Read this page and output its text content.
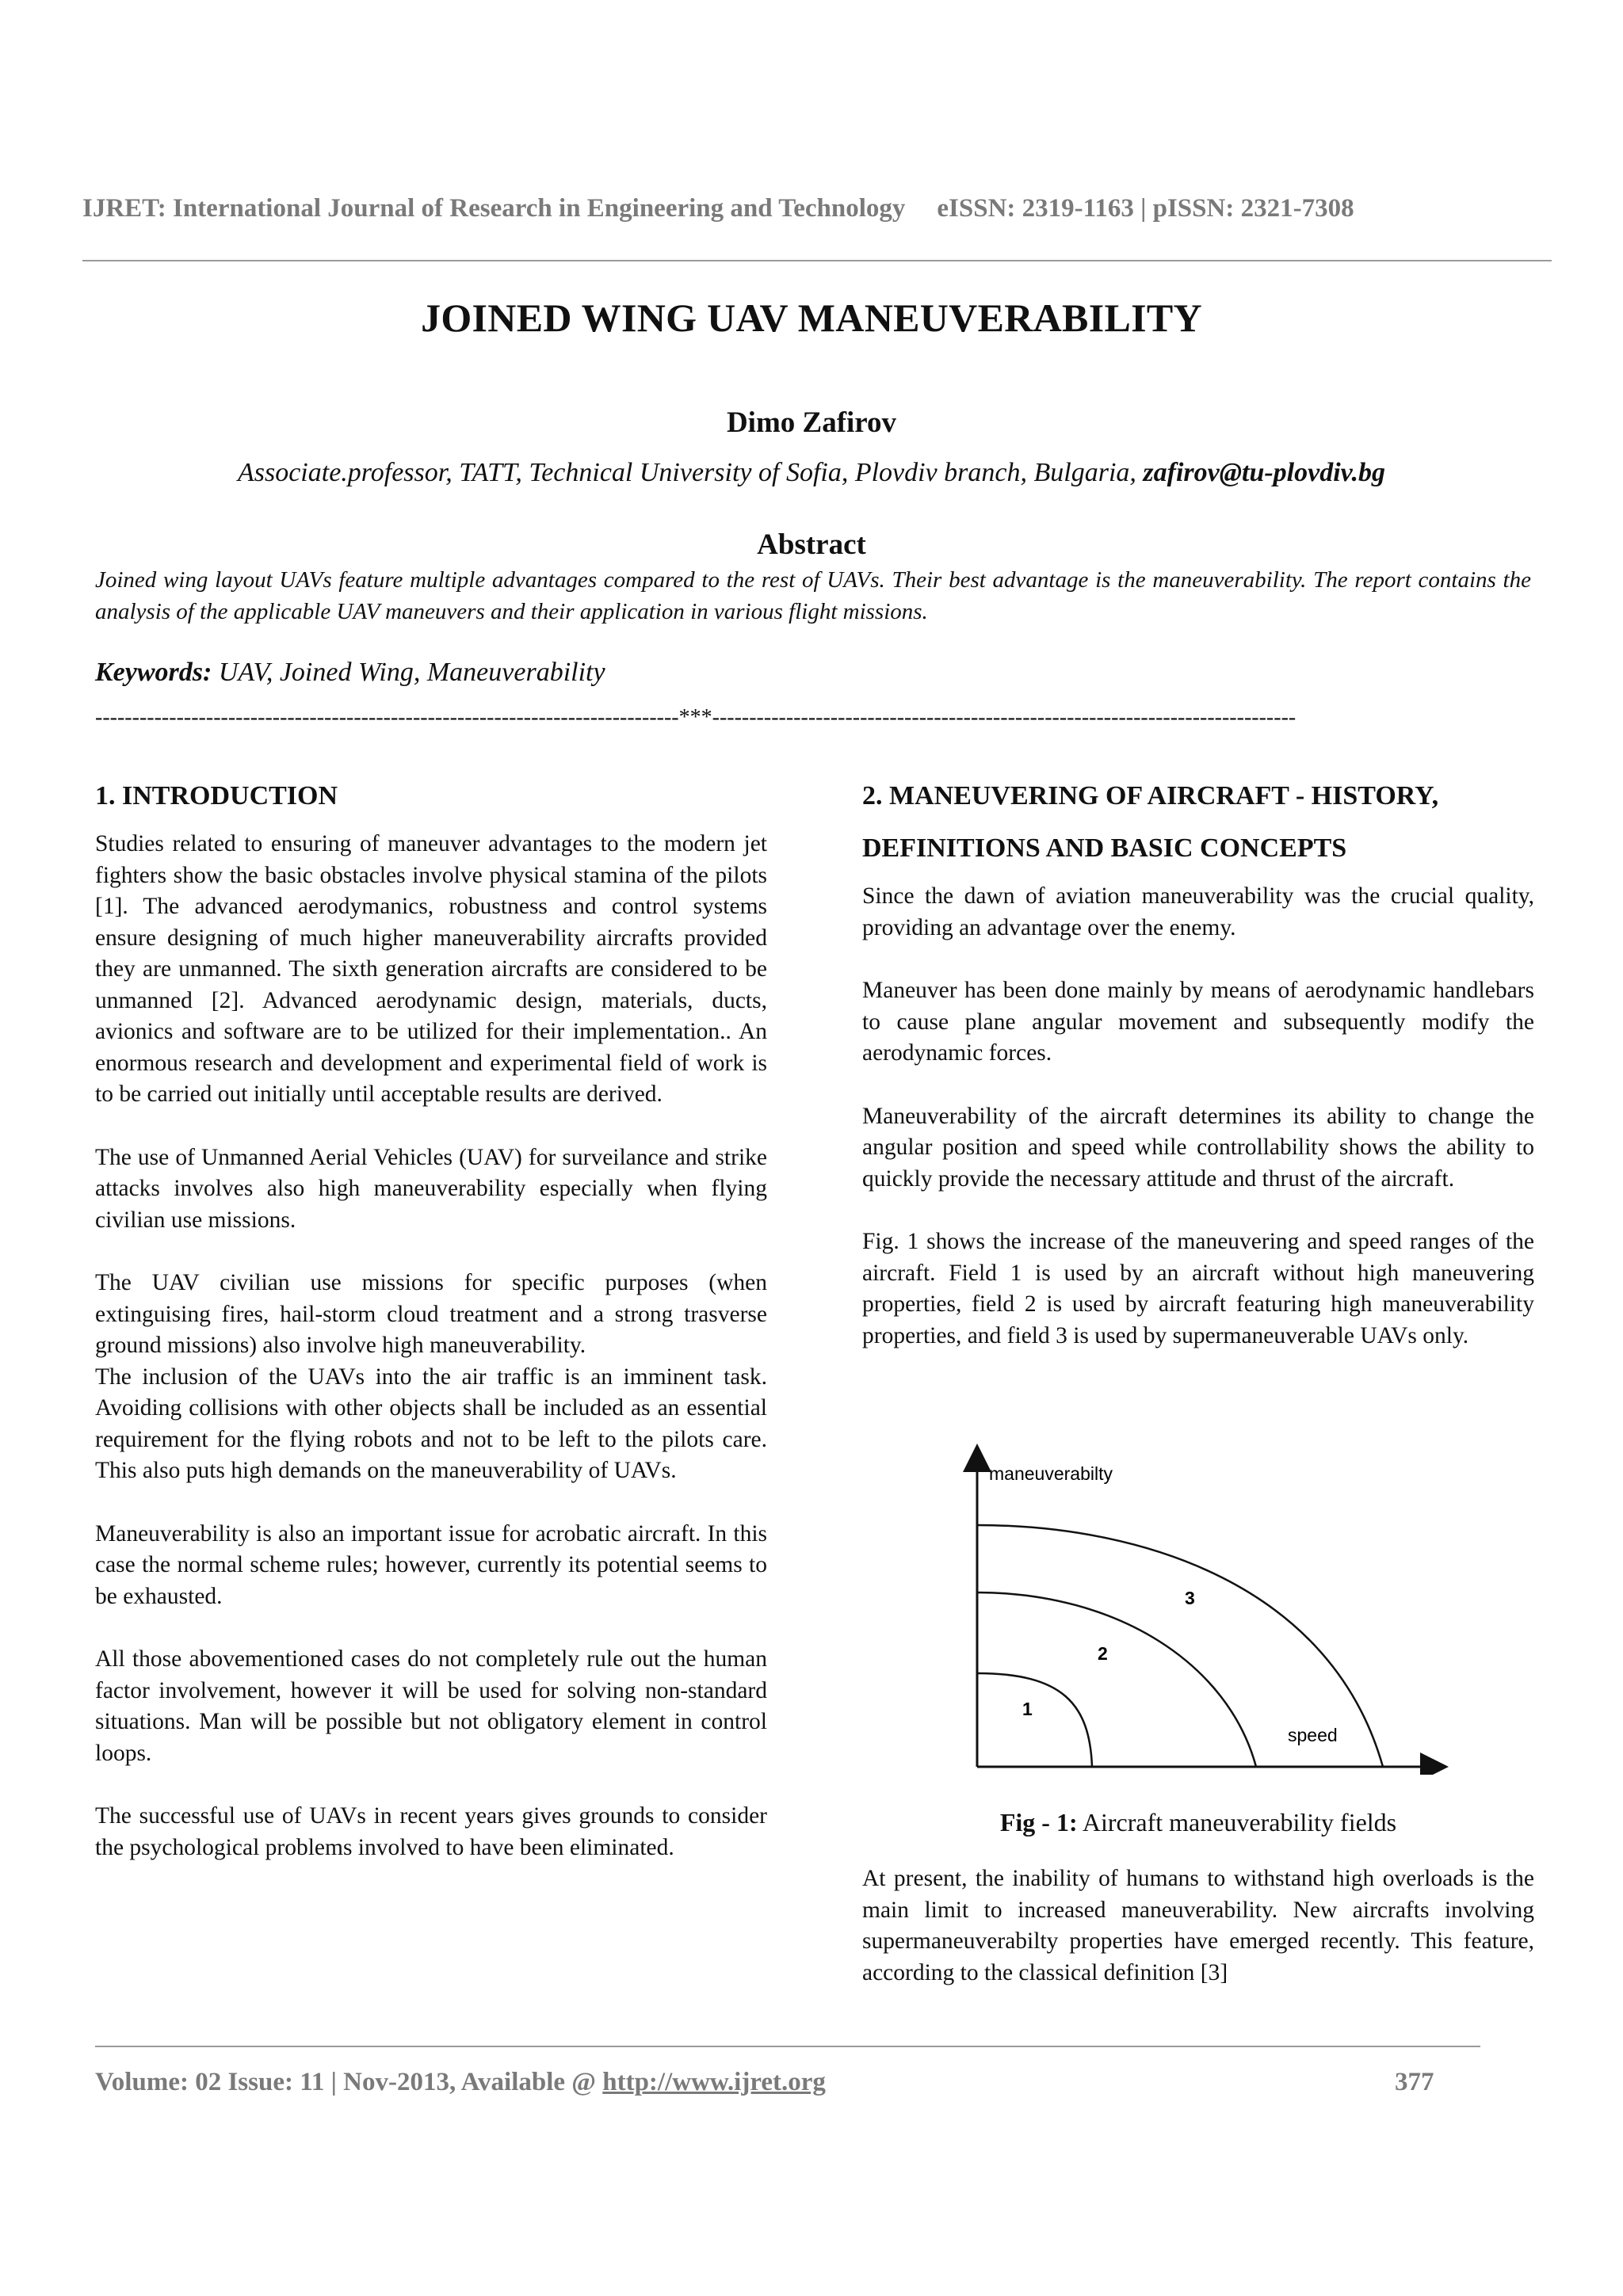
IJRET: International Journal of Research in Engineering and Technology eISSN: 2319-1163 | pISSN: 2321-7308
JOINED WING UAV MANEUVERABILITY
Dimo Zafirov
Associate.professor, TATT, Technical University of Sofia, Plovdiv branch, Bulgaria, zafirov@tu-plovdiv.bg
Abstract
Joined wing layout UAVs feature multiple advantages compared to the rest of UAVs. Their best advantage is the maneuverability. The report contains the analysis of the applicable UAV maneuvers and their application in various flight missions.
Keywords: UAV, Joined Wing, Maneuverability
-------------------------------------------------------------------------------***-------------------------------------------------------------------------------
1. INTRODUCTION

Studies related to ensuring of maneuver advantages to the modern jet fighters show the basic obstacles involve physical stamina of the pilots [1]. The advanced aerodymanics, robustness and control systems ensure designing of much higher maneuverability aircrafts provided they are unmanned. The sixth generation aircrafts are considered to be unmanned [2]. Advanced aerodynamic design, materials, ducts, avionics and software are to be utilized for their implementation.. An enormous research and development and experimental field of work is to be carried out initially until acceptable results are derived.

The use of Unmanned Aerial Vehicles (UAV) for surveilance and strike attacks involves also high maneuverability especially when flying civilian use missions.

The UAV civilian use missions for specific purposes (when extinguising fires, hail-storm cloud treatment and a strong trasverse ground missions) also involve high maneuverability.

The inclusion of the UAVs into the air traffic is an imminent task. Avoiding collisions with other objects shall be included as an essential requirement for the flying robots and not to be left to the pilots care. This also puts high demands on the maneuverability of UAVs.

Maneuverability is also an important issue for acrobatic aircraft. In this case the normal scheme rules; however, currently its potential seems to be exhausted.

All those abovementioned cases do not completely rule out the human factor involvement, however it will be used for solving non-standard situations. Man will be possible but not obligatory element in control loops.

The successful use of UAVs in recent years gives grounds to consider the psychological problems involved to have been eliminated.

2. MANEUVERING OF AIRCRAFT - HISTORY,
DEFINITIONS AND BASIC CONCEPTS

Since the dawn of aviation maneuverability was the crucial quality, providing an advantage over the enemy.

Maneuver has been done mainly by means of aerodynamic handlebars to cause plane angular movement and subsequently modify the aerodynamic forces.

Maneuverability of the aircraft determines its ability to change the angular position and speed while controllability shows the ability to quickly provide the necessary attitude and thrust of the aircraft.

Fig. 1 shows the increase of the maneuvering and speed ranges of the aircraft. Field 1 is used by an aircraft without high maneuvering properties, field 2 is used by aircraft featuring high maneuverability properties, and field 3 is used by supermaneuverable UAVs only.

maneuverabilty
speed
1
2
3
Fig - 1: Aircraft maneuverability fields

At present, the inability of humans to withstand high overloads is the main limit to increased maneuverability. New aircrafts involving supermaneuverabilty properties have emerged recently. This feature, according to the classical definition [3]

Volume: 02 Issue: 11 | Nov-2013, Available @ http://www.ijret.org	377
